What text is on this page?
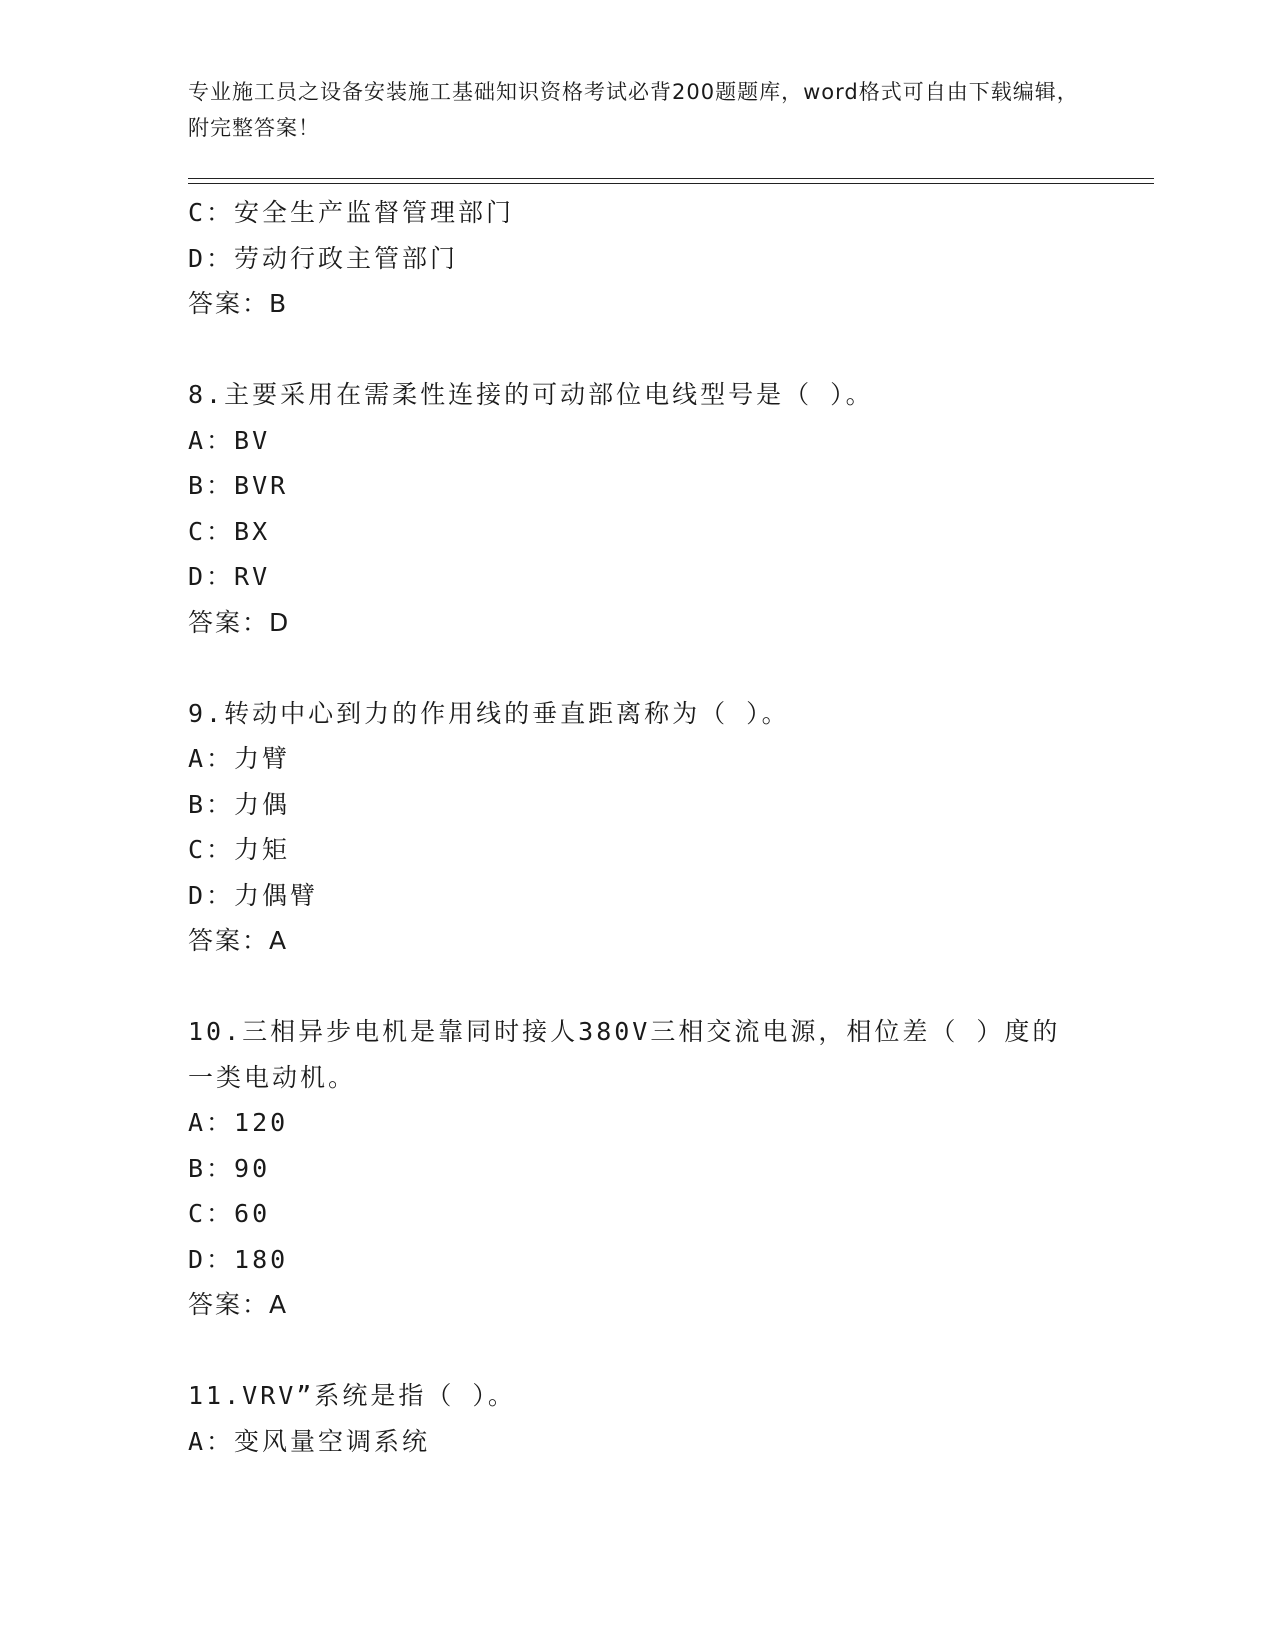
专业施工员之设备安装施工基础知识资格考试必背200题题库，word格式可自由下载编辑，附完整答案！
C：安全生产监督管理部门
D：劳动行政主管部门
答案：B
8.主要采用在需柔性连接的可动部位电线型号是（ ）。
A：BV
B：BVR
C：BX
D：RV
答案：D
9.转动中心到力的作用线的垂直距离称为（ ）。
A：力臂
B：力偶
C：力矩
D：力偶臂
答案：A
10.三相异步电机是靠同时接人380V三相交流电源，相位差（ ）度的一类电动机。
A：120
B：90
C：60
D：180
答案：A
11.VRV”系统是指（ ）。
A：变风量空调系统
